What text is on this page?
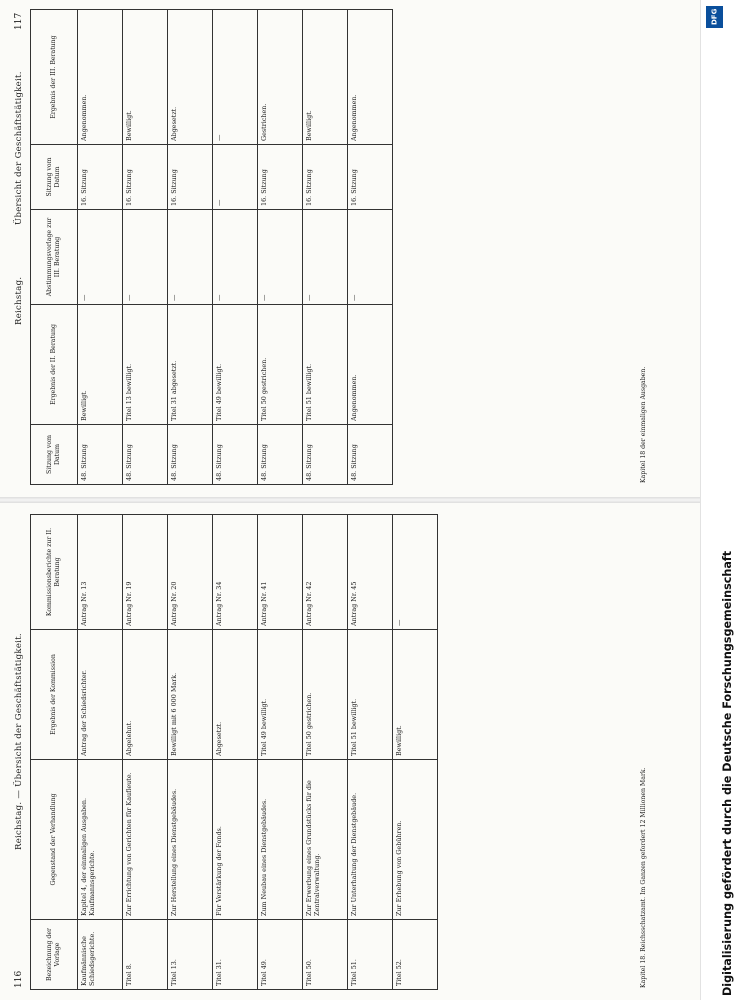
116
Reichstag. — Übersicht der Geschäftstätigkeit.
Bezeichnung der Vorlage	Gegenstand der Verhandlung	Ergebnis der Kommission	Kommissionsberichte zur II. Beratung
Kaufmännische Schiedsgerichte.	Kapitel 4, der einmaligen Ausgaben. Kaufmannsgerichte.	Antrag der Schiedsrichter.	Antrag Nr. 13
Titel 8.	Zur Errichtung von Gerichten für Kaufleute.	Abgelehnt.	Antrag Nr. 19
Titel 13.	Zur Herstellung eines Dienstgebäudes.	Bewilligt mit 6 000 Mark.	Antrag Nr. 20
Titel 31.	Für Verstärkung der Fonds.	Abgesetzt.	Antrag Nr. 34
Titel 49.	Zum Neubau eines Dienstgebäudes.	Titel 49 bewilligt.	Antrag Nr. 41
Titel 50.	Zur Erwerbung eines Grundstücks für die Zentralverwaltung.	Titel 50 gestrichen.	Antrag Nr. 42
Titel 51.	Zur Unterhaltung der Dienstgebäude.	Titel 51 bewilligt.	Antrag Nr. 45
Titel 52.	Zur Erhebung von Gebühren.	Bewilligt.	—
Kapitel 18. Reichsschatzamt. Im Ganzen gefordert 12 Millionen Mark.
Reichstag.
Übersicht der Geschäftstätigkeit.
117
Sitzung vom Datum	Ergebnis der II. Beratung	Abstimmungsvorlage zur III. Beratung	Sitzung vom Datum	Ergebnis der III. Beratung
48. Sitzung	Bewilligt.	—	16. Sitzung	Angenommen.
48. Sitzung	Titel 13 bewilligt.	—	16. Sitzung	Bewilligt.
48. Sitzung	Titel 31 abgesetzt.	—	16. Sitzung	Abgesetzt.
48. Sitzung	Titel 49 bewilligt.	—	—	—
48. Sitzung	Titel 50 gestrichen.	—	16. Sitzung	Gestrichen.
48. Sitzung	Titel 51 bewilligt.	—	16. Sitzung	Bewilligt.
48. Sitzung	Angenommen.	—	16. Sitzung	Angenommen.
Kapitel 18 der einmaligen Ausgaben.
DFG
Digitalisierung gefördert durch die Deutsche Forschungsgemeinschaft
